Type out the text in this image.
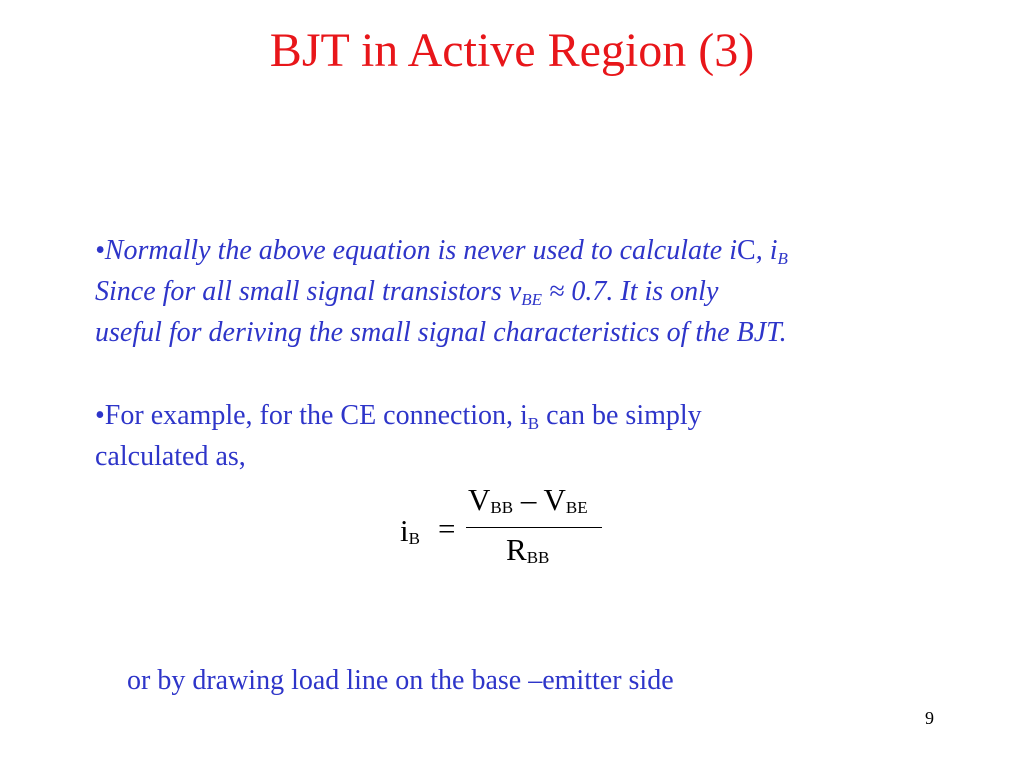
BJT in Active Region (3)
•Normally the above equation is never used to calculate iC, $i_B$
Since for all small signal transistors $v_{BE} \approx 0.7$. It is only
useful for deriving the small signal characteristics of the BJT.
•For example, for the CE connection, $i_B$ can be simply
calculated as,
$i_B$ =
$V_{BB} - V_{BE}$
$R_{BB}$
or by drawing load line on the base –emitter side
9
